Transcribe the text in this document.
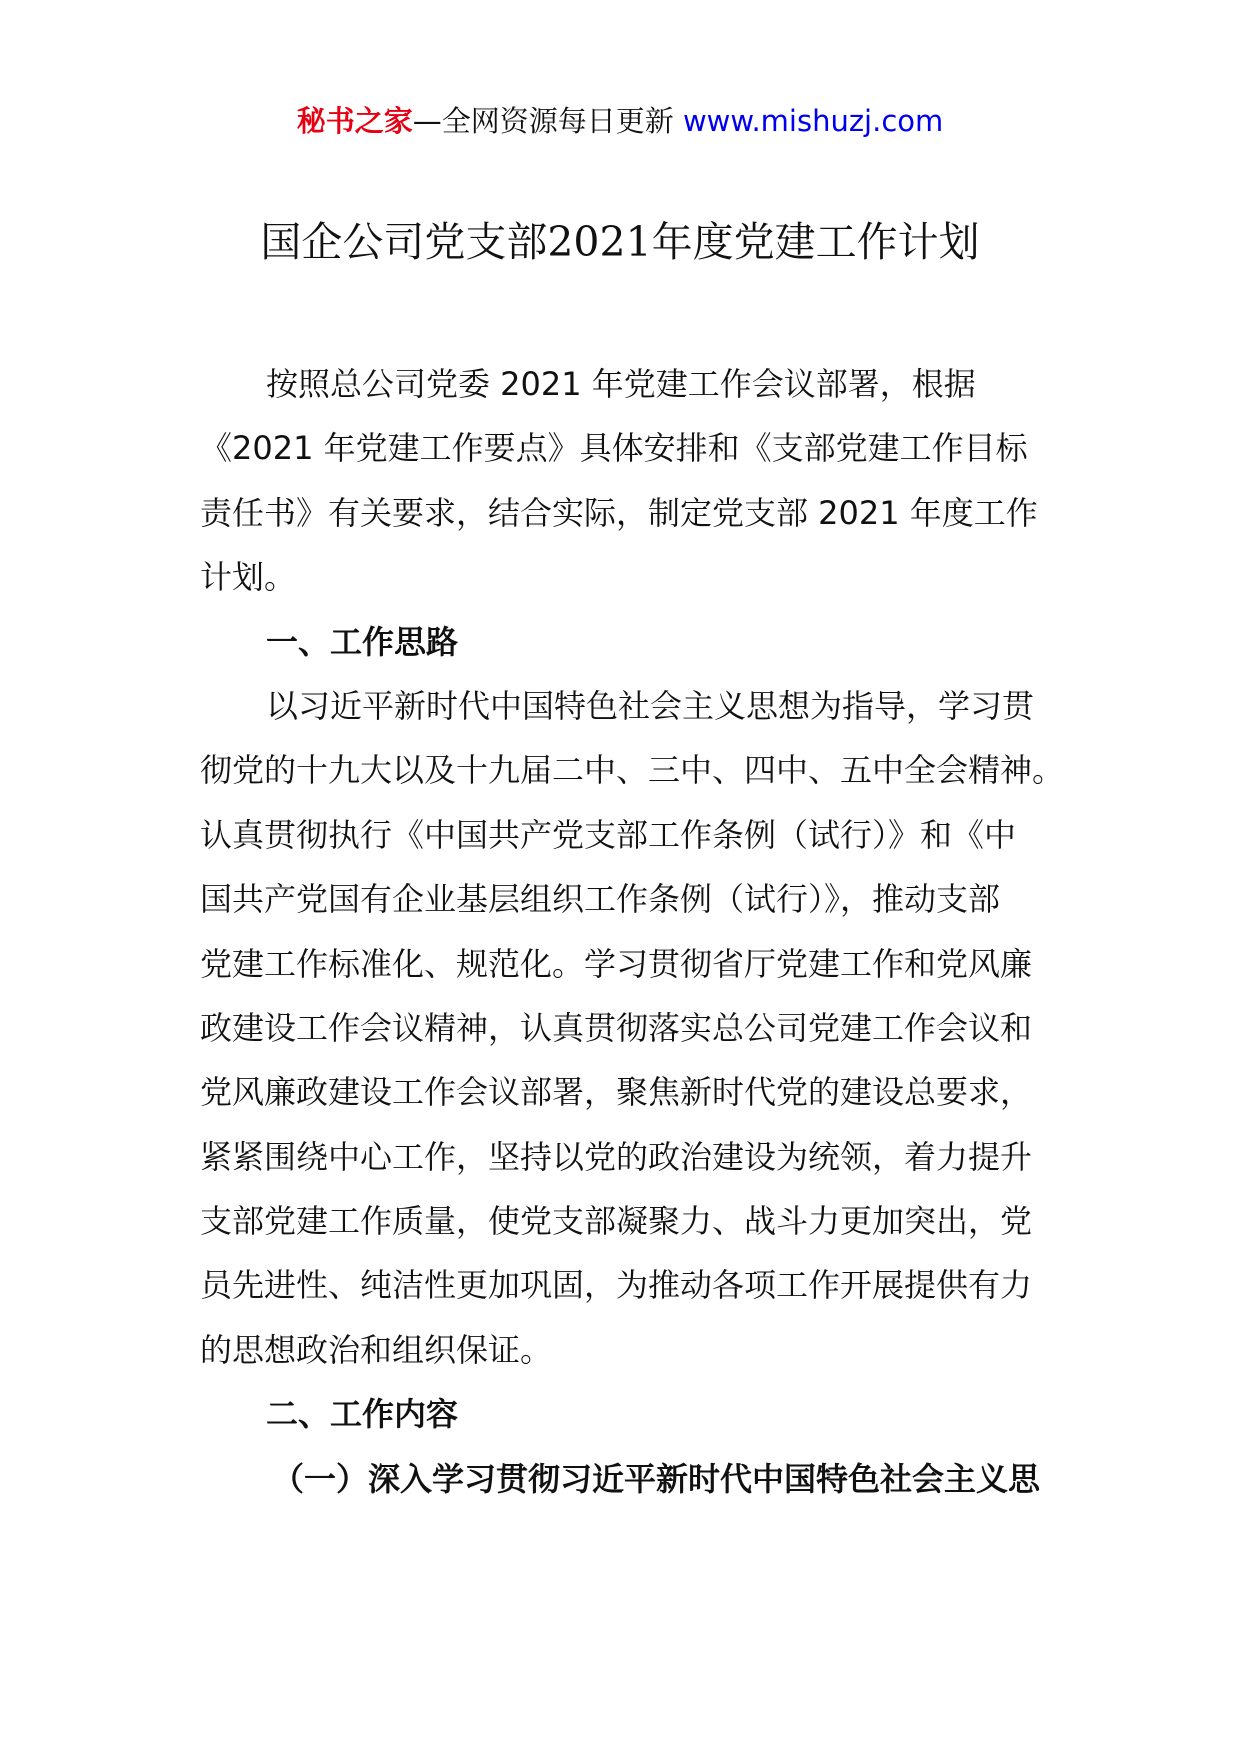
秘书之家—全网资源每日更新 www.mishuzj.com
国企公司党支部2021年度党建工作计划
按照总公司党委 2021 年党建工作会议部署，根据
《2021 年党建工作要点》具体安排和《支部党建工作目标
责任书》有关要求，结合实际，制定党支部 2021 年度工作
计划。
一、工作思路
以习近平新时代中国特色社会主义思想为指导，学习贯
彻党的十九大以及十九届二中、三中、四中、五中全会精神。
认真贯彻执行《中国共产党支部工作条例（试行）》和《中
国共产党国有企业基层组织工作条例（试行）》，推动支部
党建工作标准化、规范化。学习贯彻省厅党建工作和党风廉
政建设工作会议精神，认真贯彻落实总公司党建工作会议和
党风廉政建设工作会议部署，聚焦新时代党的建设总要求，
紧紧围绕中心工作，坚持以党的政治建设为统领，着力提升
支部党建工作质量，使党支部凝聚力、战斗力更加突出，党
员先进性、纯洁性更加巩固，为推动各项工作开展提供有力
的思想政治和组织保证。
二、工作内容
（一）深入学习贯彻习近平新时代中国特色社会主义思
